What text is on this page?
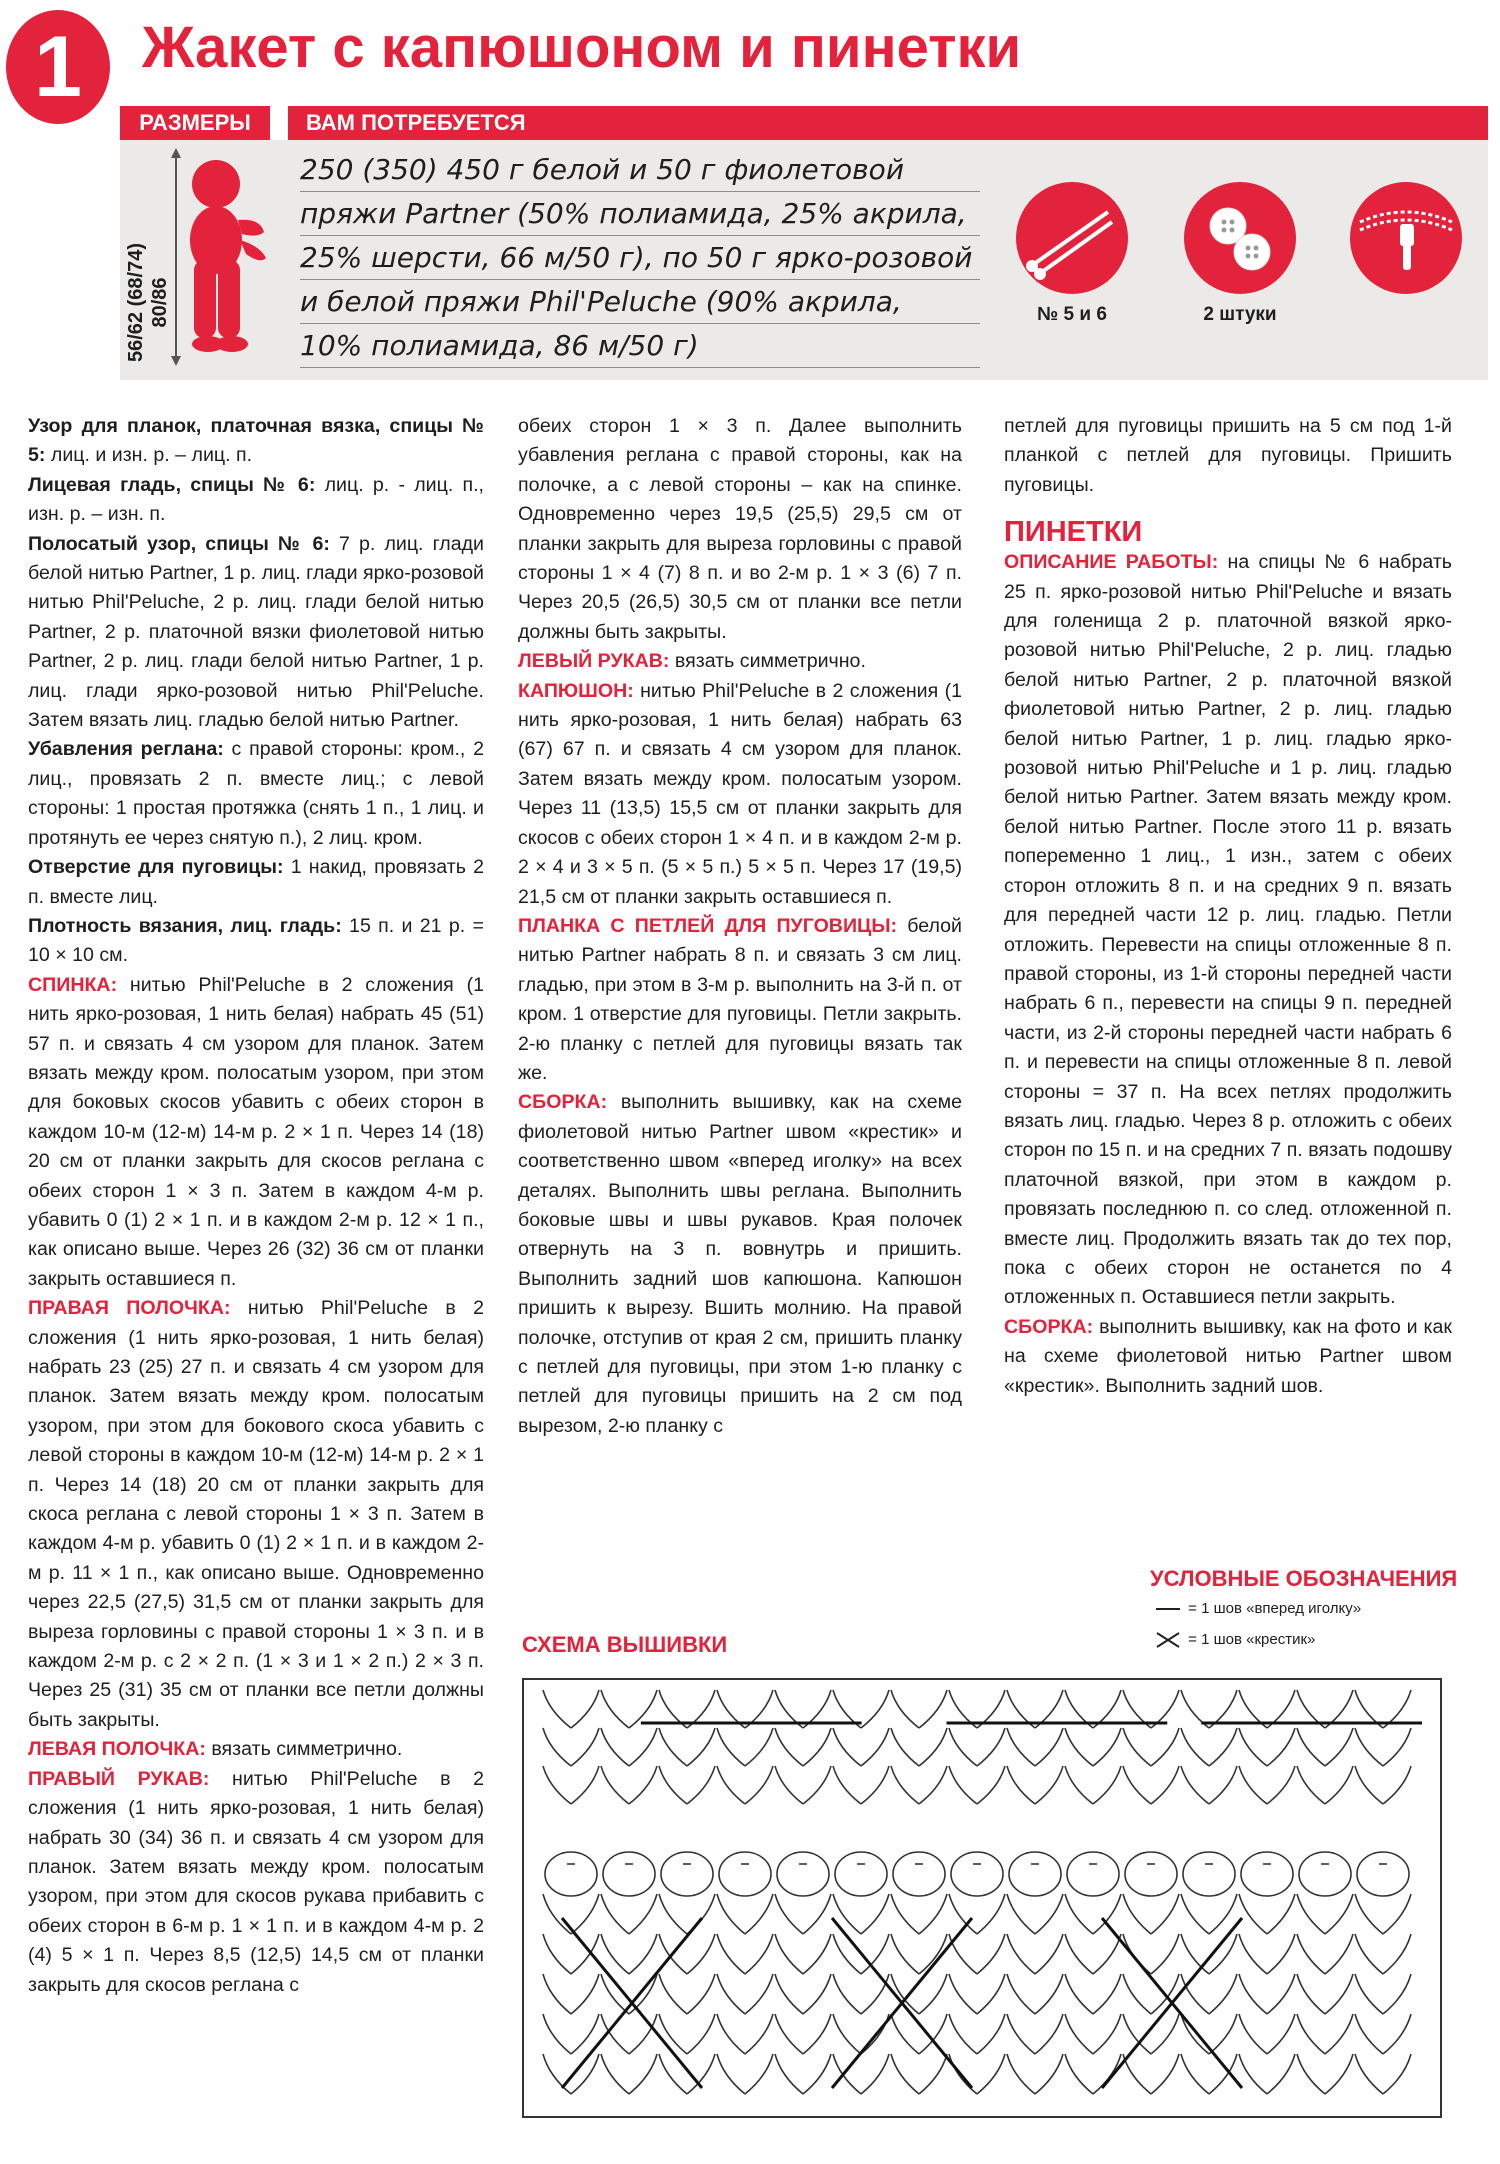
1	Жакет с капюшоном и пинетки
РАЗМЕРЫ	ВАМ ПОТРЕБУЕТСЯ
56/62 (68/74) 80/86
250 (350) 450 г белой и 50 г фиолетовой
пряжи Partner (50% полиамида, 25% акрила,
25% шерсти, 66 м/50 г), по 50 г ярко-розовой
и белой пряжи Phil'Peluche (90% акрила,
10% полиамида, 86 м/50 г)
№ 5 и 6	2 штуки

Узор для планок, платочная вязка, спицы № 5: лиц. и изн. р. – лиц. п.

Лицевая гладь, спицы № 6: лиц. р. - лиц. п., изн. р. – изн. п.

Полосатый узор, спицы № 6: 7 р. лиц. глади белой нитью Partner, 1 р. лиц. глади ярко-розовой нитью Phil'Peluche, 2 р. лиц. глади белой нитью Partner, 2 р. платочной вязки фиолетовой нитью Partner, 2 р. лиц. глади белой нитью Partner, 1 р. лиц. глади ярко-розовой нитью Phil'Peluche. Затем вязать лиц. гладью белой нитью Partner.

Убавления реглана: с правой стороны: кром., 2 лиц., провязать 2 п. вместе лиц.; с левой стороны: 1 простая протяжка (снять 1 п., 1 лиц. и протянуть ее через снятую п.), 2 лиц. кром.

Отверстие для пуговицы: 1 накид, провязать 2 п. вместе лиц.

Плотность вязания, лиц. гладь: 15 п. и 21 р. = 10 × 10 см.

СПИНКА: нитью Phil'Peluche в 2 сложения (1 нить ярко-розовая, 1 нить белая) набрать 45 (51) 57 п. и связать 4 см узором для планок. Затем вязать между кром. полосатым узором, при этом для боковых скосов убавить с обеих сторон в каждом 10-м (12-м) 14-м р. 2 × 1 п. Через 14 (18) 20 см от планки закрыть для скосов реглана с обеих сторон 1 × 3 п. Затем в каждом 4-м р. убавить 0 (1) 2 × 1 п. и в каждом 2-м р. 12 × 1 п., как описано выше. Через 26 (32) 36 см от планки закрыть оставшиеся п.

ПРАВАЯ ПОЛОЧКА: нитью Phil'Peluche в 2 сложения (1 нить ярко-розовая, 1 нить белая) набрать 23 (25) 27 п. и связать 4 см узором для планок. Затем вязать между кром. полосатым узором, при этом для бокового скоса убавить с левой стороны в каждом 10-м (12-м) 14-м р. 2 × 1 п. Через 14 (18) 20 см от планки закрыть для скоса реглана с левой стороны 1 × 3 п. Затем в каждом 4-м р. убавить 0 (1) 2 × 1 п. и в каждом 2-м р. 11 × 1 п., как описано выше. Одновременно через 22,5 (27,5) 31,5 см от планки закрыть для выреза горловины с правой стороны 1 × 3 п. и в каждом 2-м р. с 2 × 2 п. (1 × 3 и 1 × 2 п.) 2 × 3 п. Через 25 (31) 35 см от планки все петли должны быть закрыты.

ЛЕВАЯ ПОЛОЧКА: вязать симметрично.

ПРАВЫЙ РУКАВ: нитью Phil'Peluche в 2 сложения (1 нить ярко-розовая, 1 нить белая) набрать 30 (34) 36 п. и связать 4 см узором для планок. Затем вязать между кром. полосатым узором, при этом для скосов рукава прибавить с обеих сторон в 6-м р. 1 × 1 п. и в каждом 4-м р. 2 (4) 5 × 1 п. Через 8,5 (12,5) 14,5 см от планки закрыть для скосов реглана с

обеих сторон 1 × 3 п. Далее выполнить убавления реглана с правой стороны, как на полочке, а с левой стороны – как на спинке. Одновременно через 19,5 (25,5) 29,5 см от планки закрыть для выреза горловины с правой стороны 1 × 4 (7) 8 п. и во 2-м р. 1 × 3 (6) 7 п. Через 20,5 (26,5) 30,5 см от планки все петли должны быть закрыты.

ЛЕВЫЙ РУКАВ: вязать симметрично.

КАПЮШОН: нитью Phil'Peluche в 2 сложения (1 нить ярко-розовая, 1 нить белая) набрать 63 (67) 67 п. и связать 4 см узором для планок. Затем вязать между кром. полосатым узором. Через 11 (13,5) 15,5 см от планки закрыть для скосов с обеих сторон 1 × 4 п. и в каждом 2-м р. 2 × 4 и 3 × 5 п. (5 × 5 п.) 5 × 5 п. Через 17 (19,5) 21,5 см от планки закрыть оставшиеся п.

ПЛАНКА С ПЕТЛЕЙ ДЛЯ ПУГОВИЦЫ: белой нитью Partner набрать 8 п. и связать 3 см лиц. гладью, при этом в 3-м р. выполнить на 3-й п. от кром. 1 отверстие для пуговицы. Петли закрыть. 2-ю планку с петлей для пуговицы вязать так же.

СБОРКА: выполнить вышивку, как на схеме фиолетовой нитью Partner швом «крестик» и соответственно швом «вперед иголку» на всех деталях. Выполнить швы реглана. Выполнить боковые швы и швы рукавов. Края полочек отвернуть на 3 п. вовнутрь и пришить. Выполнить задний шов капюшона. Капюшон пришить к вырезу. Вшить молнию. На правой полочке, отступив от края 2 см, пришить планку с петлей для пуговицы, при этом 1-ю планку с петлей для пуговицы пришить на 2 см под вырезом, 2-ю планку с

петлей для пуговицы пришить на 5 см под 1-й планкой с петлей для пуговицы. Пришить пуговицы.

ПИНЕТКИ

ОПИСАНИЕ РАБОТЫ: на спицы № 6 набрать 25 п. ярко-розовой нитью Phil'Peluche и вязать для голенища 2 р. платочной вязкой ярко-розовой нитью Phil'Peluche, 2 р. лиц. гладью белой нитью Partner, 2 р. платочной вязкой фиолетовой нитью Partner, 2 р. лиц. гладью белой нитью Partner, 1 р. лиц. гладью ярко-розовой нитью Phil'Peluche и 1 р. лиц. гладью белой нитью Partner. Затем вязать между кром. белой нитью Partner. После этого 11 р. вязать попеременно 1 лиц., 1 изн., затем с обеих сторон отложить 8 п. и на средних 9 п. вязать для передней части 12 р. лиц. гладью. Петли отложить. Перевести на спицы отложенные 8 п. правой стороны, из 1-й стороны передней части набрать 6 п., перевести на спицы 9 п. передней части, из 2-й стороны передней части набрать 6 п. и перевести на спицы отложенные 8 п. левой стороны = 37 п. На всех петлях продолжить вязать лиц. гладью. Через 8 р. отложить с обеих сторон по 15 п. и на средних 7 п. вязать подошву платочной вязкой, при этом в каждом р. провязать последнюю п. со след. отложенной п. вместе лиц. Продолжить вязать так до тех пор, пока с обеих сторон не останется по 4 отложенных п. Оставшиеся петли закрыть.

СБОРКА: выполнить вышивку, как на фото и как на схеме фиолетовой нитью Partner швом «крестик». Выполнить задний шов.

УСЛОВНЫЕ ОБОЗНАЧЕНИЯ
= 1 шов «вперед иголку»
= 1 шов «крестик»
СХЕМА ВЫШИВКИ
